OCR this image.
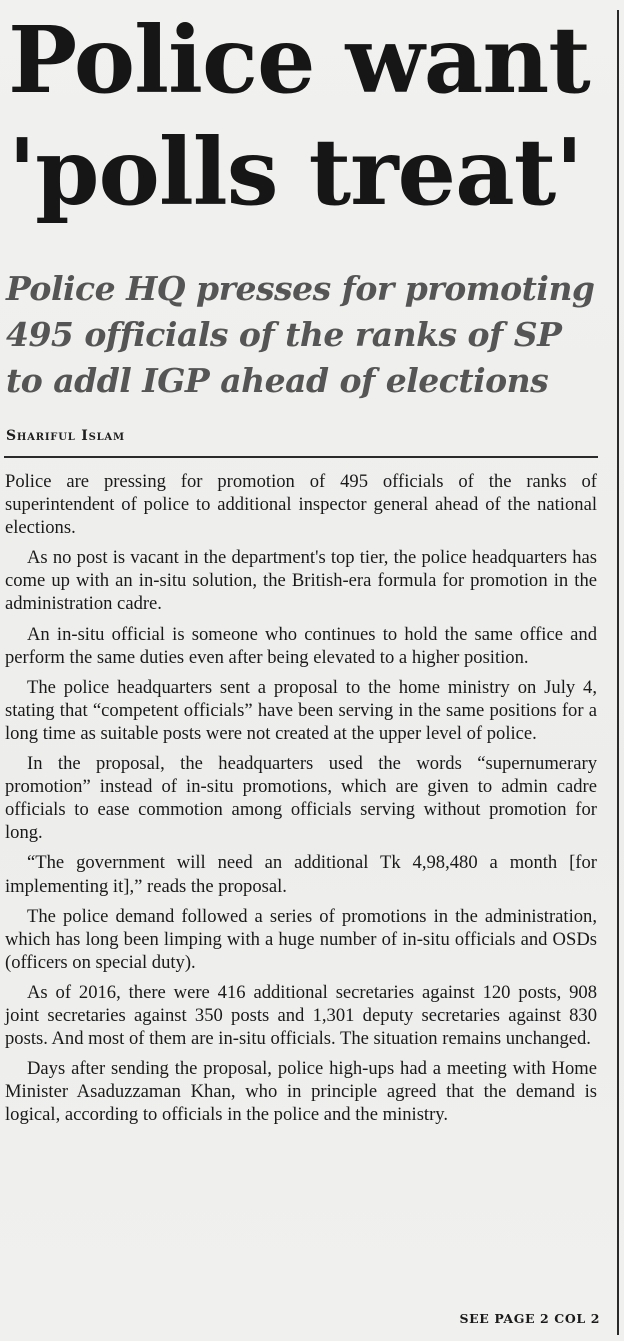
Police want
'polls treat'
Police HQ presses for promoting
495 officials of the ranks of SP
to addl IGP ahead of elections
Shariful Islam

Police are pressing for promotion of 495 officials of the ranks of superintendent of police to additional inspector general ahead of the national elections.

As no post is vacant in the department's top tier, the police headquarters has come up with an in-situ solution, the British-era formula for promotion in the administration cadre.

An in-situ official is someone who continues to hold the same office and perform the same duties even after being elevated to a higher position.

The police headquarters sent a proposal to the home ministry on July 4, stating that “competent officials” have been serving in the same positions for a long time as suitable posts were not created at the upper level of police.

In the proposal, the headquarters used the words “supernumerary promotion” instead of in-situ promotions, which are given to admin cadre officials to ease commotion among officials serving without promotion for long.

“The government will need an additional Tk 4,98,480 a month [for implementing it],” reads the proposal.

The police demand followed a series of promotions in the administration, which has long been limping with a huge number of in-situ officials and OSDs (officers on special duty).

As of 2016, there were 416 additional secretaries against 120 posts, 908 joint secretaries against 350 posts and 1,301 deputy secretaries against 830 posts. And most of them are in-situ officials. The situation remains unchanged.

Days after sending the proposal, police high-ups had a meeting with Home Minister Asaduzzaman Khan, who in principle agreed that the demand is logical, according to officials in the police and the ministry.

SEE PAGE 2 COL 2
